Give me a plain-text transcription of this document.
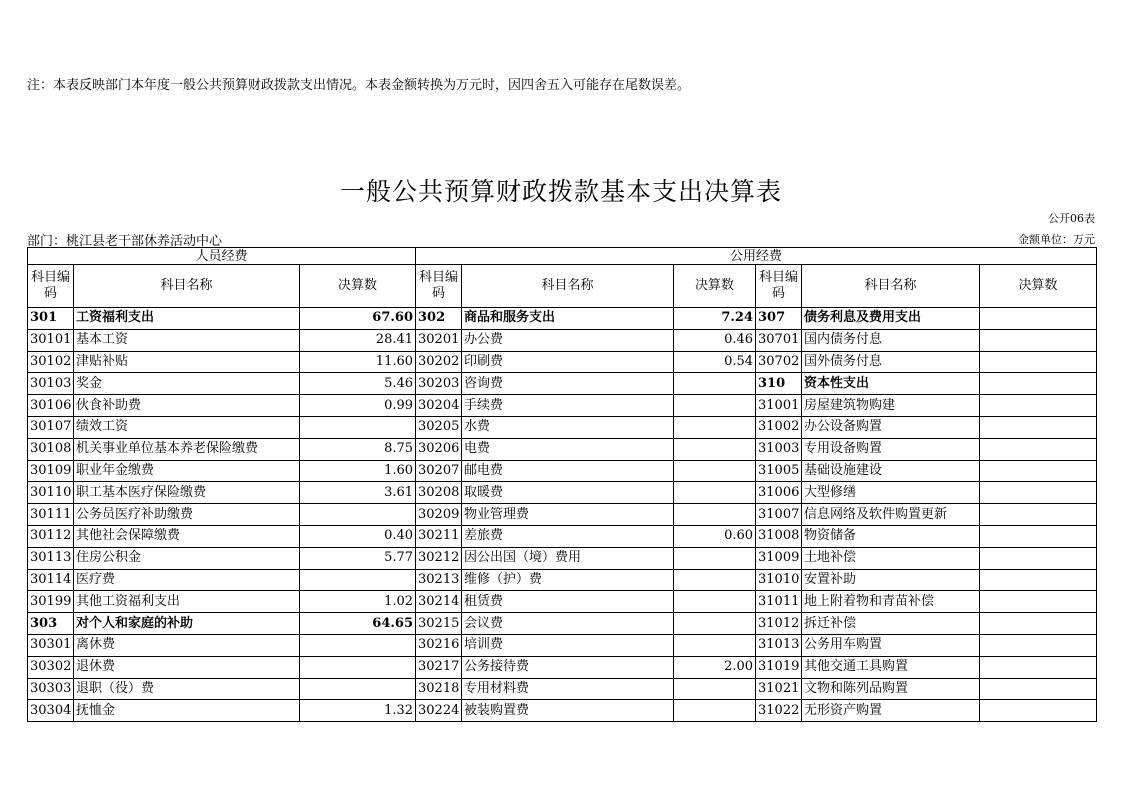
注：本表反映部门本年度一般公共预算财政拨款支出情况。本表金额转换为万元时，因四舍五入可能存在尾数误差。
一般公共预算财政拨款基本支出决算表
公开06表
部门：桃江县老干部休养活动中心	金额单位：万元
人员经费			公用经费					
科目编码	科目名称	决算数	科目编码	科目名称	决算数	科目编码	科目名称	决算数
301	工资福利支出	67.60	302	商品和服务支出	7.24	307	债务利息及费用支出	
30101	基本工资	28.41	30201	办公费	0.46	30701	国内债务付息	
30102	津贴补贴	11.60	30202	印刷费	0.54	30702	国外债务付息	
30103	奖金	5.46	30203	咨询费		310	资本性支出	
30106	伙食补助费	0.99	30204	手续费		31001	房屋建筑物购建	
30107	绩效工资		30205	水费		31002	办公设备购置	
30108	机关事业单位基本养老保险缴费	8.75	30206	电费		31003	专用设备购置	
30109	职业年金缴费	1.60	30207	邮电费		31005	基础设施建设	
30110	职工基本医疗保险缴费	3.61	30208	取暖费		31006	大型修缮	
30111	公务员医疗补助缴费		30209	物业管理费		31007	信息网络及软件购置更新	
30112	其他社会保障缴费	0.40	30211	差旅费	0.60	31008	物资储备	
30113	住房公积金	5.77	30212	因公出国（境）费用		31009	土地补偿	
30114	医疗费		30213	维修（护）费		31010	安置补助	
30199	其他工资福利支出	1.02	30214	租赁费		31011	地上附着物和青苗补偿	
303	对个人和家庭的补助	64.65	30215	会议费		31012	拆迁补偿	
30301	离休费		30216	培训费		31013	公务用车购置	
30302	退休费		30217	公务接待费	2.00	31019	其他交通工具购置	
30303	退职（役）费		30218	专用材料费		31021	文物和陈列品购置	
30304	抚恤金	1.32	30224	被装购置费		31022	无形资产购置	
